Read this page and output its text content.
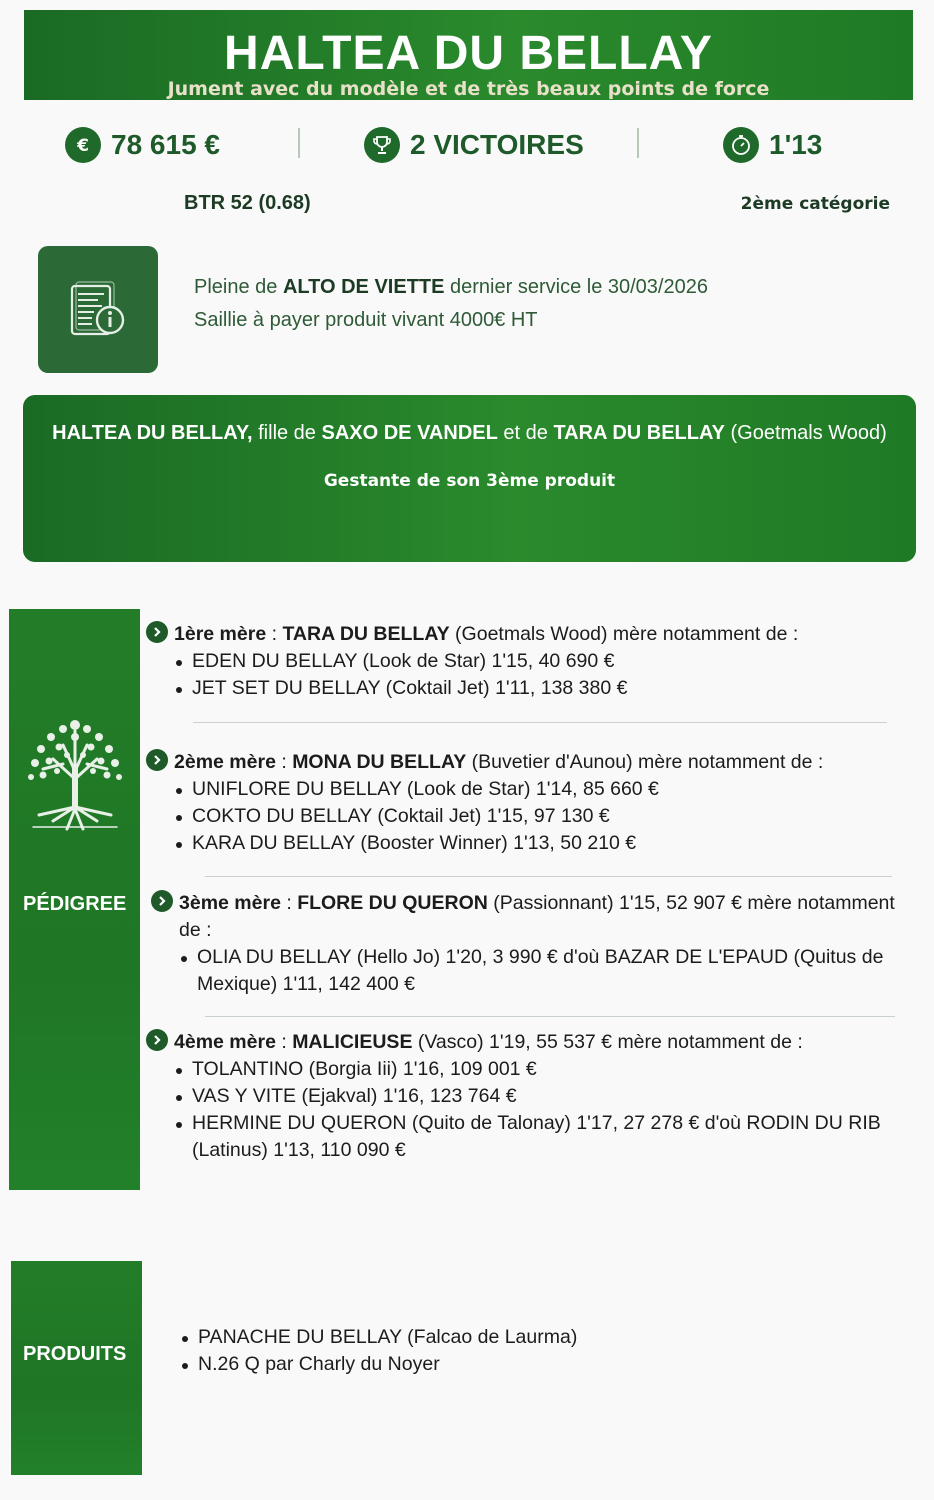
HALTEA DU BELLAY
Jument avec du modèle et de très beaux points de force
€ 78 615 €	2 VICTOIRES	1'13
BTR 52 (0.68)	2ème catégorie
Pleine de ALTO DE VIETTE dernier service le 30/03/2026
Saillie à payer produit vivant 4000€ HT
HALTEA DU BELLAY, fille de SAXO DE VANDEL et de TARA DU BELLAY (Goetmals Wood)
Gestante de son 3ème produit
PÉDIGREE
1ère mère : TARA DU BELLAY (Goetmals Wood) mère notamment de :
EDEN DU BELLAY (Look de Star) 1'15, 40 690 €
JET SET DU BELLAY (Coktail Jet) 1'11, 138 380 €
2ème mère : MONA DU BELLAY (Buvetier d'Aunou) mère notamment de :
UNIFLORE DU BELLAY (Look de Star) 1'14, 85 660 €
COKTO DU BELLAY (Coktail Jet) 1'15, 97 130 €
KARA DU BELLAY (Booster Winner) 1'13, 50 210 €
3ème mère : FLORE DU QUERON (Passionnant) 1'15, 52 907 € mère notamment de :
OLIA DU BELLAY (Hello Jo) 1'20, 3 990 € d'où BAZAR DE L'EPAUD (Quitus de Mexique) 1'11, 142 400 €
4ème mère : MALICIEUSE (Vasco) 1'19, 55 537 € mère notamment de :
TOLANTINO (Borgia Iii) 1'16, 109 001 €
VAS Y VITE (Ejakval) 1'16, 123 764 €
HERMINE DU QUERON (Quito de Talonay) 1'17, 27 278 € d'où RODIN DU RIB (Latinus) 1'13, 110 090 €
PRODUITS
PANACHE DU BELLAY (Falcao de Laurma)
N.26 Q par Charly du Noyer
